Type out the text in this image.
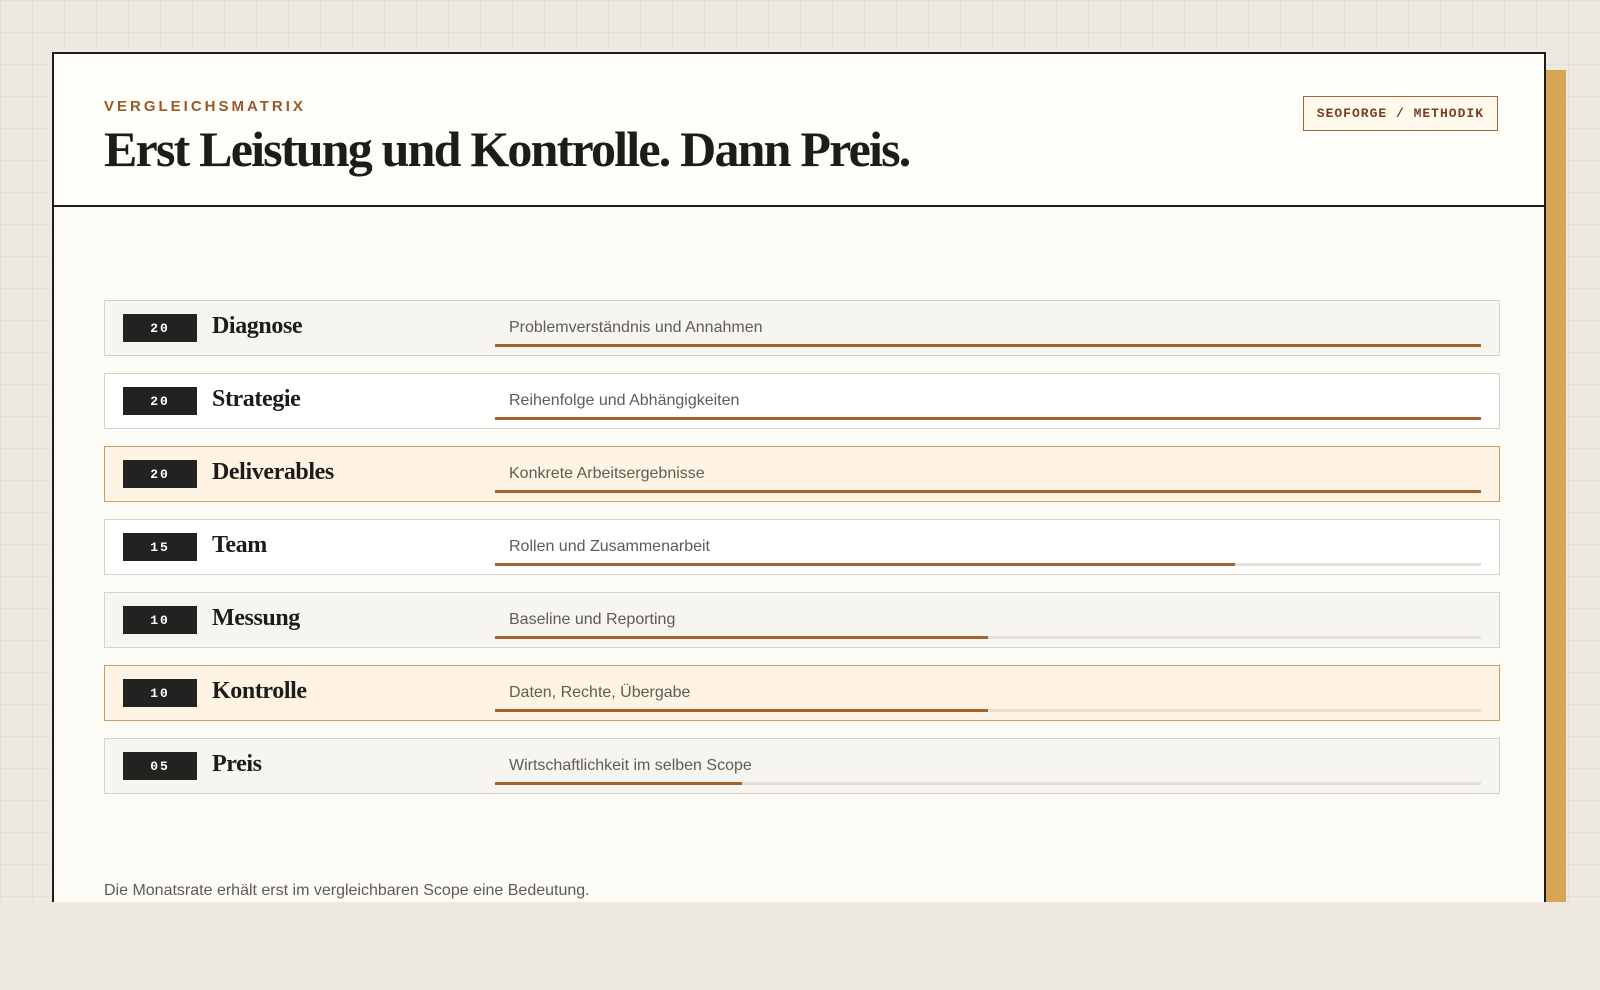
VERGLEICHSMATRIX
Erst Leistung und Kontrolle. Dann Preis.
SEOFORGE / METHODIK
20	Diagnose	Problemverständnis und Annahmen
20	Strategie	Reihenfolge und Abhängigkeiten
20	Deliverables	Konkrete Arbeitsergebnisse
15	Team	Rollen und Zusammenarbeit
10	Messung	Baseline und Reporting
10	Kontrolle	Daten, Rechte, Übergabe
05	Preis	Wirtschaftlichkeit im selben Scope
Die Monatsrate erhält erst im vergleichbaren Scope eine Bedeutung.
